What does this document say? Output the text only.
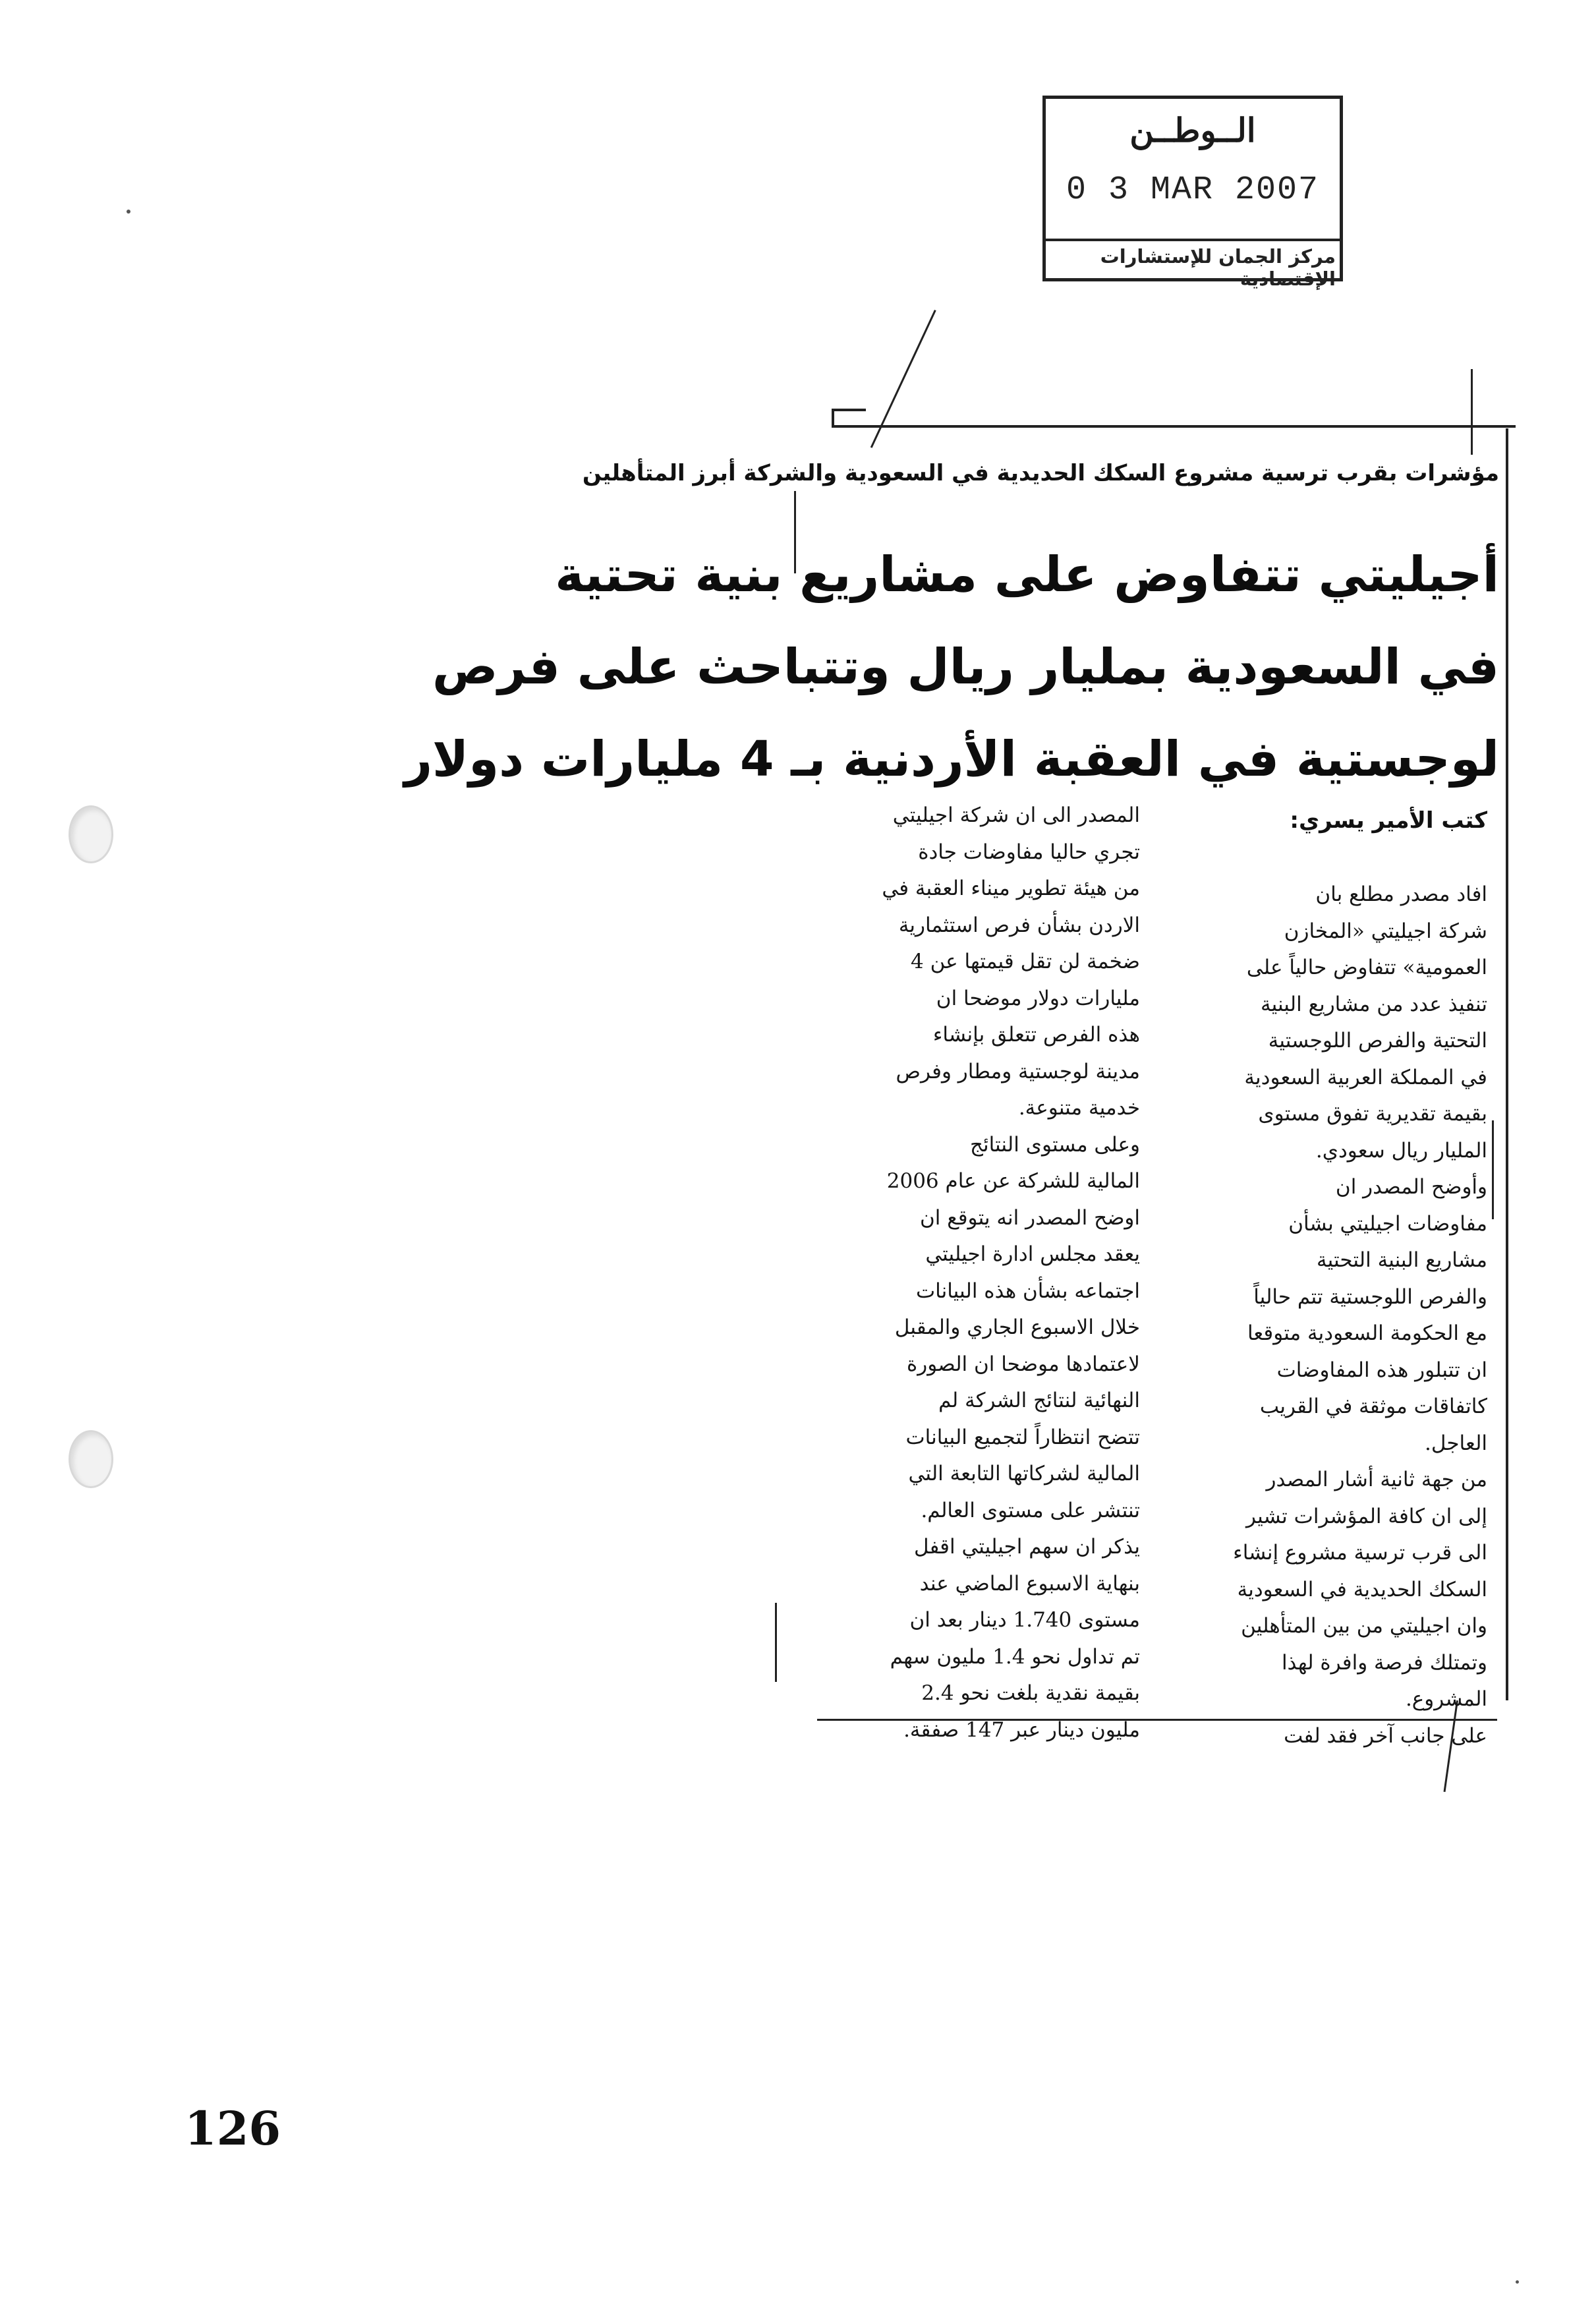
الــوطــن
0 3 MAR 2007
مركز الجمان للإستشارات الإقتصادية
مؤشرات بقرب ترسية مشروع السكك الحديدية في السعودية والشركة أبرز المتأهلين
أجيليتي تتفاوض على مشاريع بنية تحتية
في السعودية بمليار ريال وتتباحث على فرص
لوجستية في العقبة الأردنية بـ 4 مليارات دولار
كتب الأمير يسري:
افاد مصدر مطلع بان
شركة اجيليتي «المخازن
العمومية» تتفاوض حالياً على
تنفيذ عدد من مشاريع البنية
التحتية والفرص اللوجستية
في المملكة العربية السعودية
بقيمة تقديرية تفوق مستوى
المليار ريال سعودي.
وأوضح المصدر ان
مفاوضات اجيليتي بشأن
مشاريع البنية التحتية
والفرص اللوجستية تتم حالياً
مع الحكومة السعودية متوقعا
ان تتبلور هذه المفاوضات
كاتفاقات موثقة في القريب
العاجل.
من جهة ثانية أشار المصدر
إلى ان كافة المؤشرات تشير
الى قرب ترسية مشروع إنشاء
السكك الحديدية في السعودية
وان اجيليتي من بين المتأهلين
وتمتلك فرصة وافرة لهذا
المشروع.
على جانب آخر فقد لفت
المصدر الى ان شركة اجيليتي
تجري حاليا مفاوضات جادة
من هيئة تطوير ميناء العقبة في
الاردن بشأن فرص استثمارية
ضخمة لن تقل قيمتها عن 4
مليارات دولار موضحا ان
هذه الفرص تتعلق بإنشاء
مدينة لوجستية ومطار وفرص
خدمية متنوعة.
وعلى مستوى النتائج
المالية للشركة عن عام 2006
اوضح المصدر انه يتوقع ان
يعقد مجلس ادارة اجيليتي
اجتماعه بشأن هذه البيانات
خلال الاسبوع الجاري والمقبل
لاعتمادها موضحا ان الصورة
النهائية لنتائج الشركة لم
تتضح انتظاراً لتجميع البيانات
المالية لشركاتها التابعة التي
تنتشر على مستوى العالم.
يذكر ان سهم اجيليتي اقفل
بنهاية الاسبوع الماضي عند
مستوى 1.740 دينار بعد ان
تم تداول نحو 1.4 مليون سهم
بقيمة نقدية بلغت نحو 2.4
مليون دينار عبر 147 صفقة.
126
